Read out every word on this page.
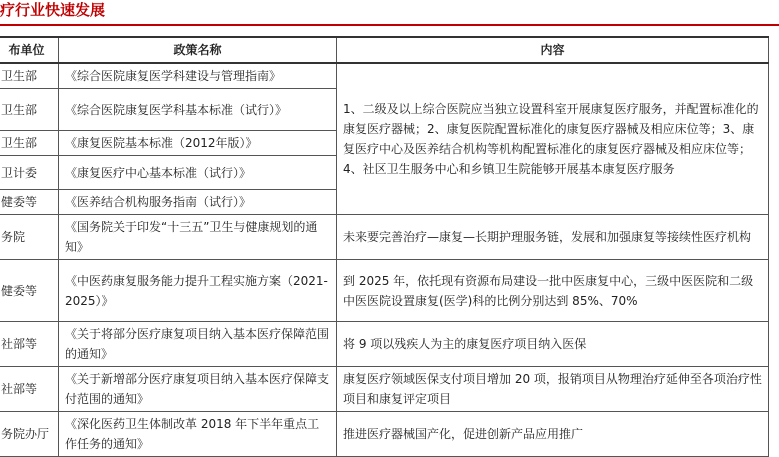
疗行业快速发展
布单位	政策名称	内容
卫生部	《综合医院康复医学科建设与管理指南》	1、二级及以上综合医院应当独立设置科室开展康复医疗服务，并配置标准化的康复医疗器械；2、康复医院配置标准化的康复医疗器械及相应床位等；3、康复医疗中心及医养结合机构等机构配置标准化的康复医疗器械及相应床位等；4、社区卫生服务中心和乡镇卫生院能够开展基本康复医疗服务
卫生部	《综合医院康复医学科基本标准（试行）》	
卫生部	《康复医院基本标准（2012年版）》	
卫计委	《康复医疗中心基本标准（试行）》	
健委等	《医养结合机构服务指南（试行）》	
务院	《国务院关于印发“十三五”卫生与健康规划的通知》	未来要完善治疗—康复—长期护理服务链，发展和加强康复等接续性医疗机构
健委等	《中医药康复服务能力提升工程实施方案（2021-2025）》	到 2025 年，依托现有资源布局建设一批中医康复中心，三级中医医院和二级中医医院设置康复(医学)科的比例分别达到 85%、70%
社部等	《关于将部分医疗康复项目纳入基本医疗保障范围的通知》	将 9 项以残疾人为主的康复医疗项目纳入医保
社部等	《关于新增部分医疗康复项目纳入基本医疗保障支付范围的通知》	康复医疗领域医保支付项目增加 20 项，报销项目从物理治疗延伸至各项治疗性项目和康复评定项目
务院办厅	《深化医药卫生体制改革 2018 年下半年重点工作任务的通知》	推进医疗器械国产化，促进创新产品应用推广
